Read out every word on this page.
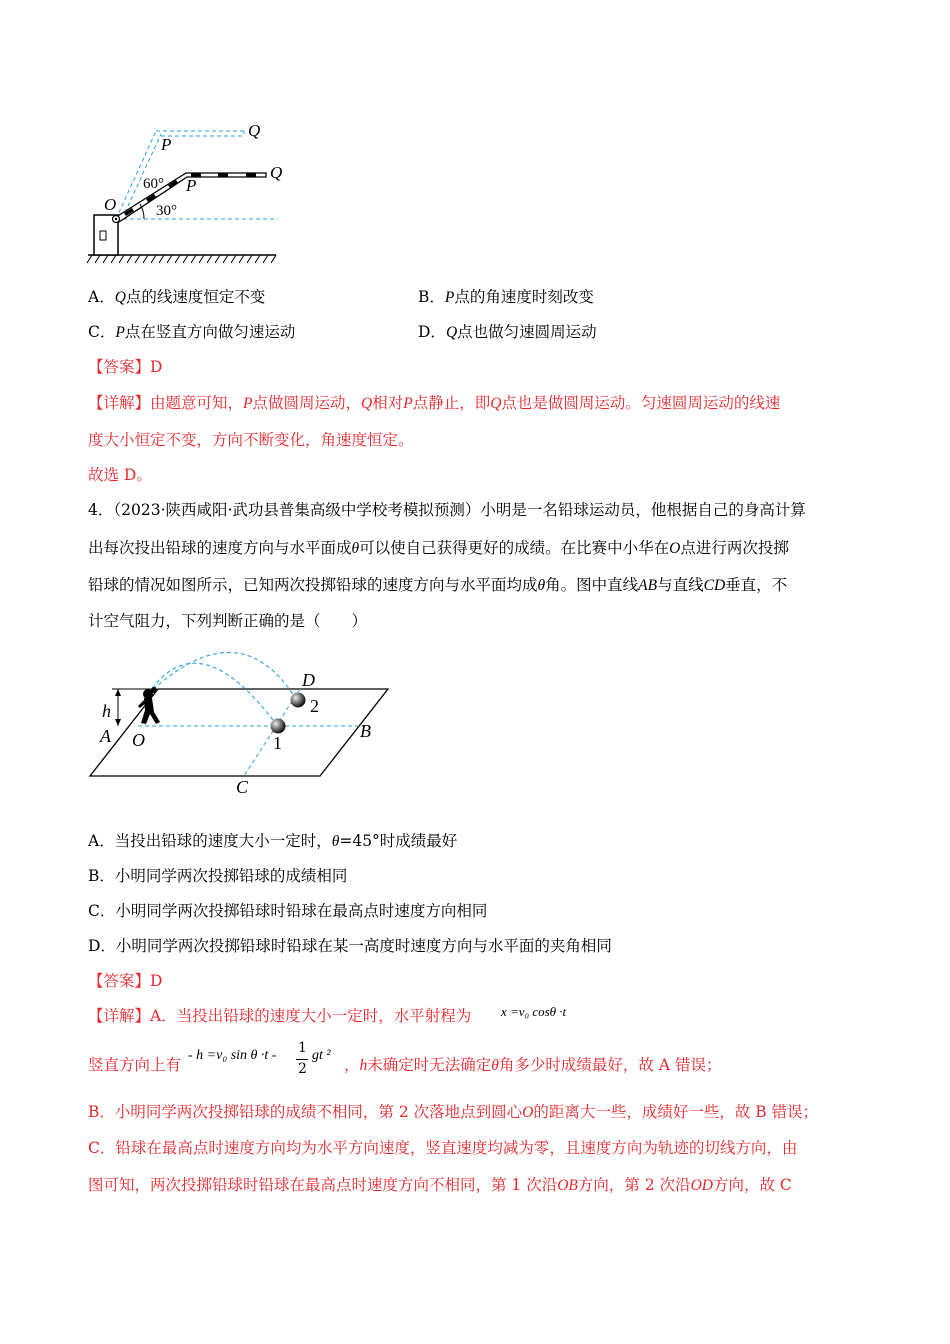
Q
P
Q
P
O
60°
30°
A．Q点的线速度恒定不变	B．P点的角速度时刻改变
C．P点在竖直方向做匀速运动	D．Q点也做匀速圆周运动
【答案】D
【详解】由题意可知，P点做圆周运动，Q相对P点静止，即Q点也是做圆周运动。匀速圆周运动的线速
度大小恒定不变，方向不断变化，角速度恒定。
故选 D。
4．（2023·陕西咸阳·武功县普集高级中学校考模拟预测）小明是一名铅球运动员，他根据自己的身高计算
出每次投出铅球的速度方向与水平面成θ可以使自己获得更好的成绩。在比赛中小华在O点进行两次投掷
铅球的情况如图所示，已知两次投掷铅球的速度方向与水平面均成θ角。图中直线AB与直线CD垂直，不
计空气阻力，下列判断正确的是（　　）
h
A O	B
C
D
1
2
A．当投出铅球的速度大小一定时，θ=45°时成绩最好
B．小明同学两次投掷铅球的成绩相同
C．小明同学两次投掷铅球时铅球在最高点时速度方向相同
D．小明同学两次投掷铅球时铅球在某一高度时速度方向与水平面的夹角相同
【答案】D
【详解】A．当投出铅球的速度大小一定时，水平射程为 x =v₀ cosθ ·t
竖直方向上有
- h =v₀ sin θ ·t - 1
2
gt ²
，h未确定时无法确定θ角多少时成绩最好，故 A 错误；
B．小明同学两次投掷铅球的成绩不相同，第 2 次落地点到圆心O的距离大一些，成绩好一些，故 B 错误；
C．铅球在最高点时速度方向均为水平方向速度，竖直速度均减为零，且速度方向为轨迹的切线方向，由
图可知，两次投掷铅球时铅球在最高点时速度方向不相同，第 1 次沿OB方向，第 2 次沿OD方向，故 C
